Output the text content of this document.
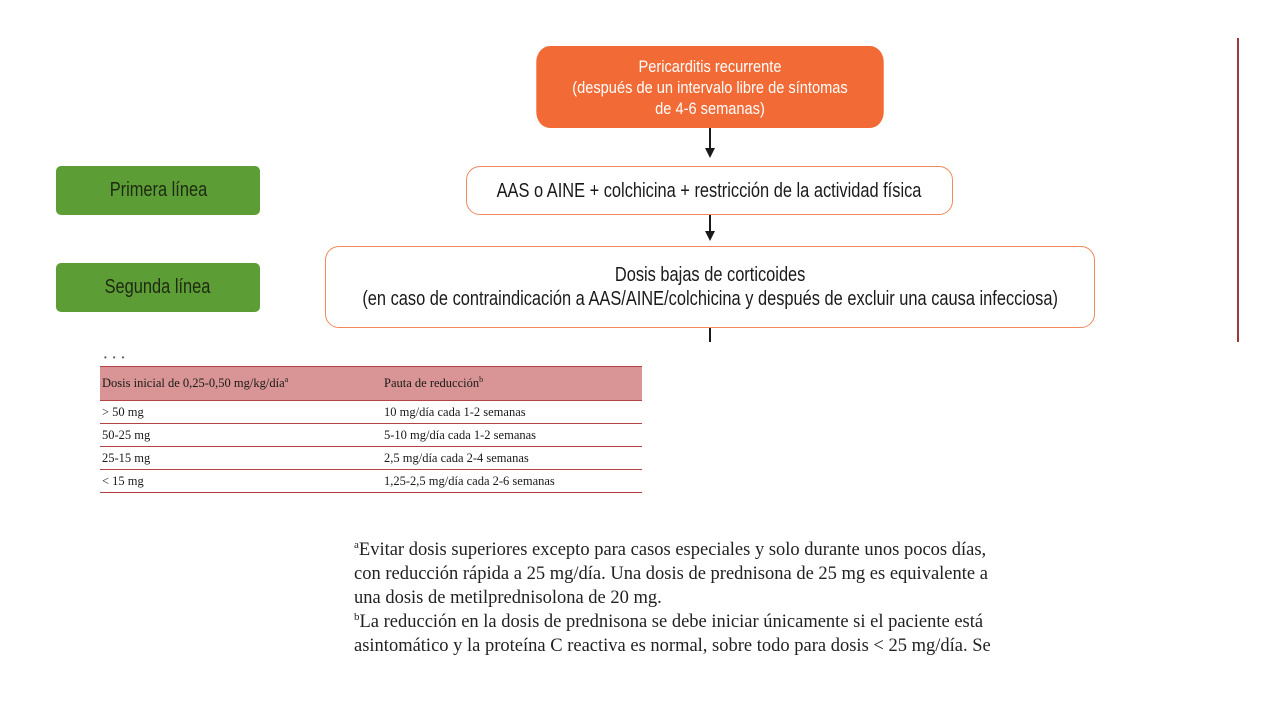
Pericarditis recurrente
(después de un intervalo libre de síntomas
de 4-6 semanas)
Primera línea	AAS o AINE + colchicina + restricción de la actividad física
Segunda línea
Dosis bajas de corticoides
(en caso de contraindicación a AAS/AINE/colchicina y después de excluir una causa infecciosa)
•••
Dosis inicial de 0,25-0,50 mg/kg/día$^a$	Pauta de reducción$^b$
> 50 mg	10 mg/día cada 1-2 semanas
50-25 mg	5-10 mg/día cada 1-2 semanas
25-15 mg	2,5 mg/día cada 2-4 semanas
< 15 mg	1,25-2,5 mg/día cada 2-6 semanas

$^a$Evitar dosis superiores excepto para casos especiales y solo durante unos pocos días,

con reducción rápida a 25 mg/día. Una dosis de prednisona de 25 mg es equivalente a

una dosis de metilprednisolona de 20 mg.

$^b$La reducción en la dosis de prednisona se debe iniciar únicamente si el paciente está

asintomático y la proteína C reactiva es normal, sobre todo para dosis < 25 mg/día. Se
